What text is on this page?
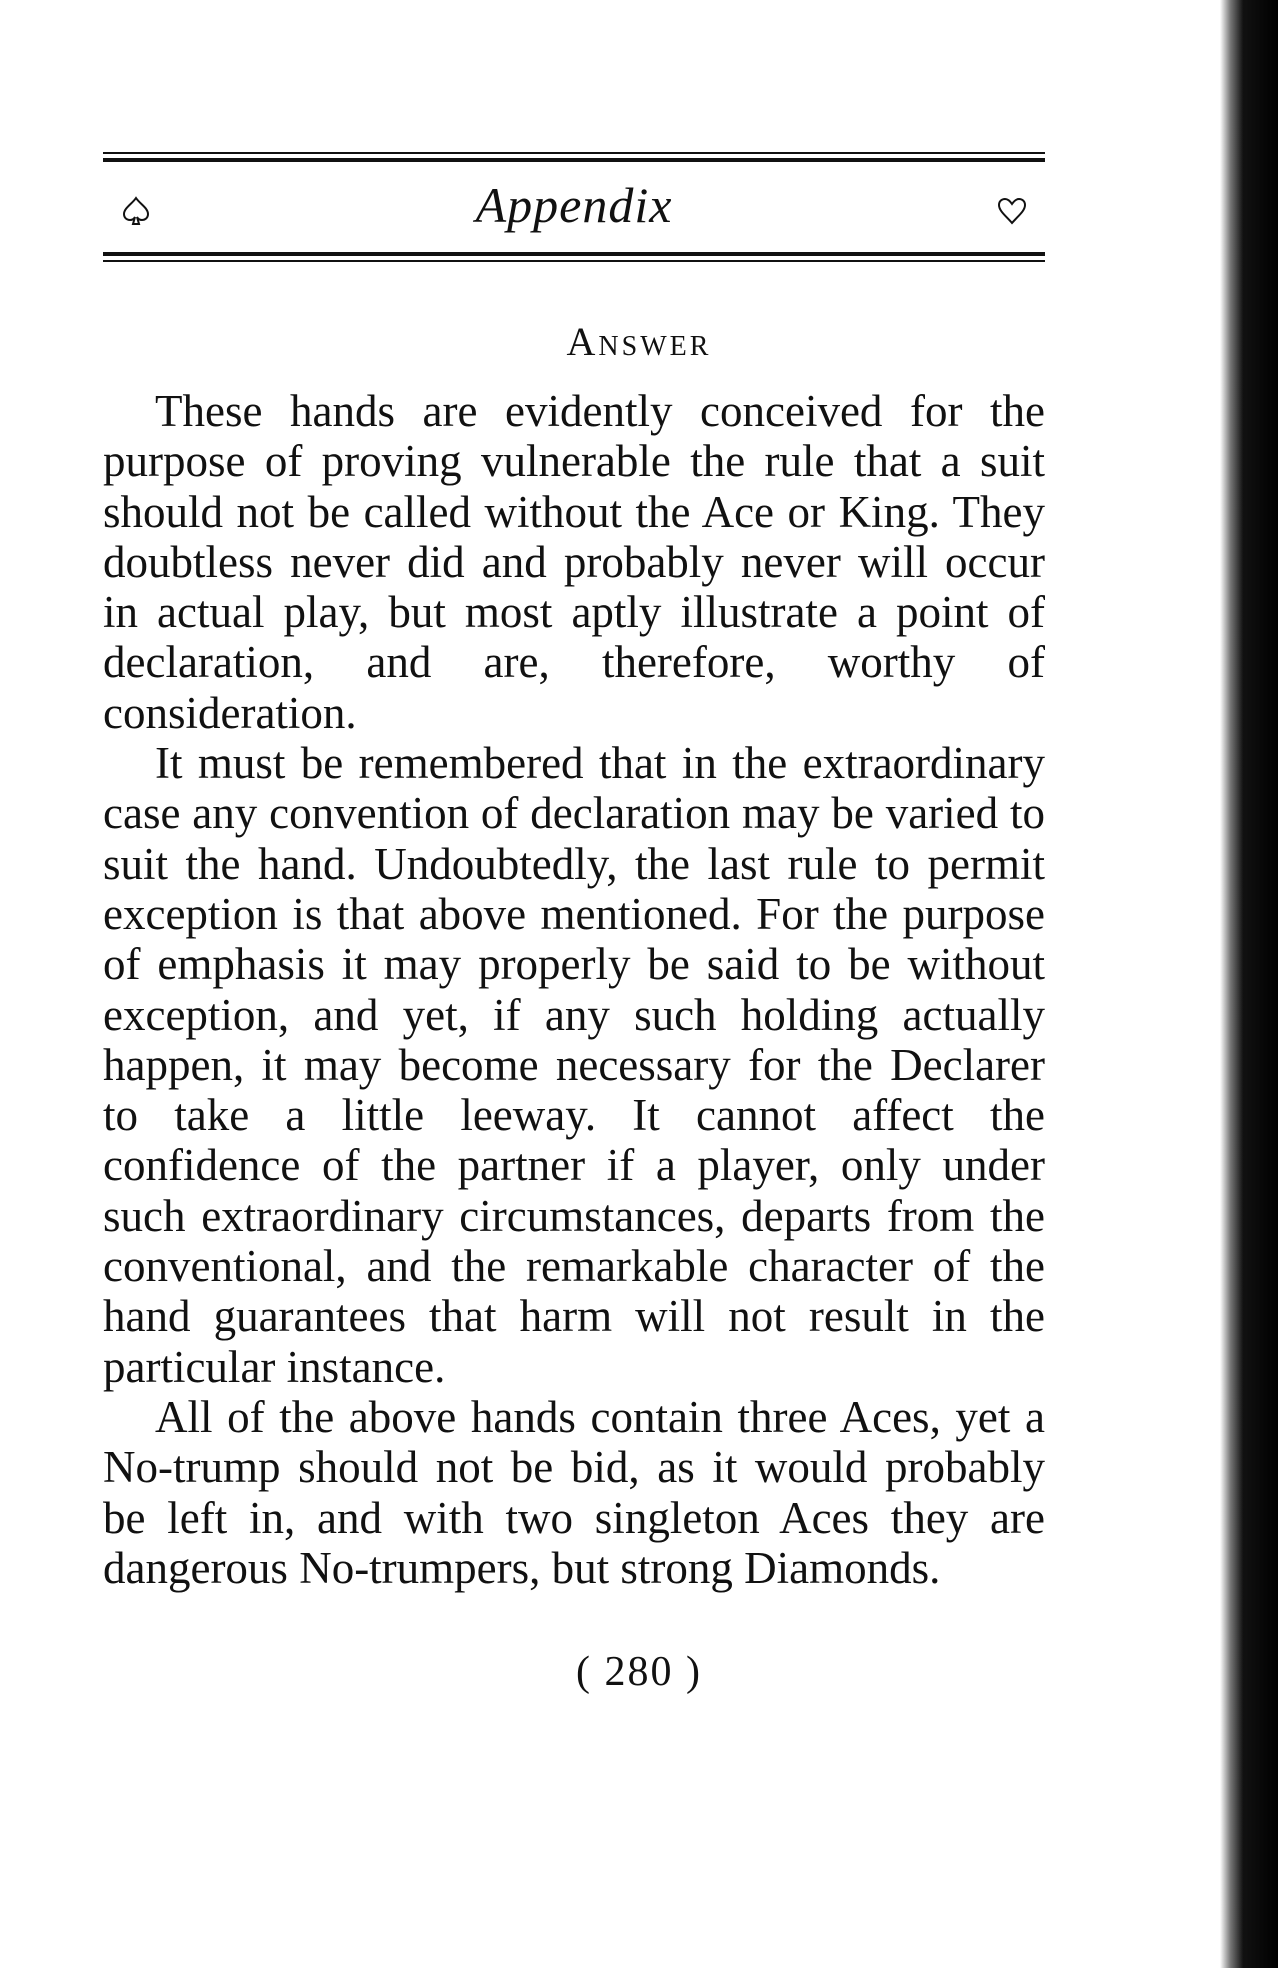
Appendix
Answer

These hands are evidently conceived for the purpose of proving vulnerable the rule that a suit should not be called without the Ace or King. They doubtless never did and probably never will occur in actual play, but most aptly illustrate a point of declaration, and are, therefore, worthy of consideration.

It must be remembered that in the extraordinary case any convention of declaration may be varied to suit the hand. Undoubtedly, the last rule to permit exception is that above mentioned. For the purpose of emphasis it may properly be said to be without exception, and yet, if any such holding actually happen, it may become necessary for the Declarer to take a little leeway. It cannot affect the confidence of the partner if a player, only under such extraordinary circumstances, departs from the conventional, and the remarkable character of the hand guarantees that harm will not result in the particular instance.

All of the above hands contain three Aces, yet a No-trump should not be bid, as it would probably be left in, and with two singleton Aces they are dangerous No-trumpers, but strong Diamonds.

( 280 )
